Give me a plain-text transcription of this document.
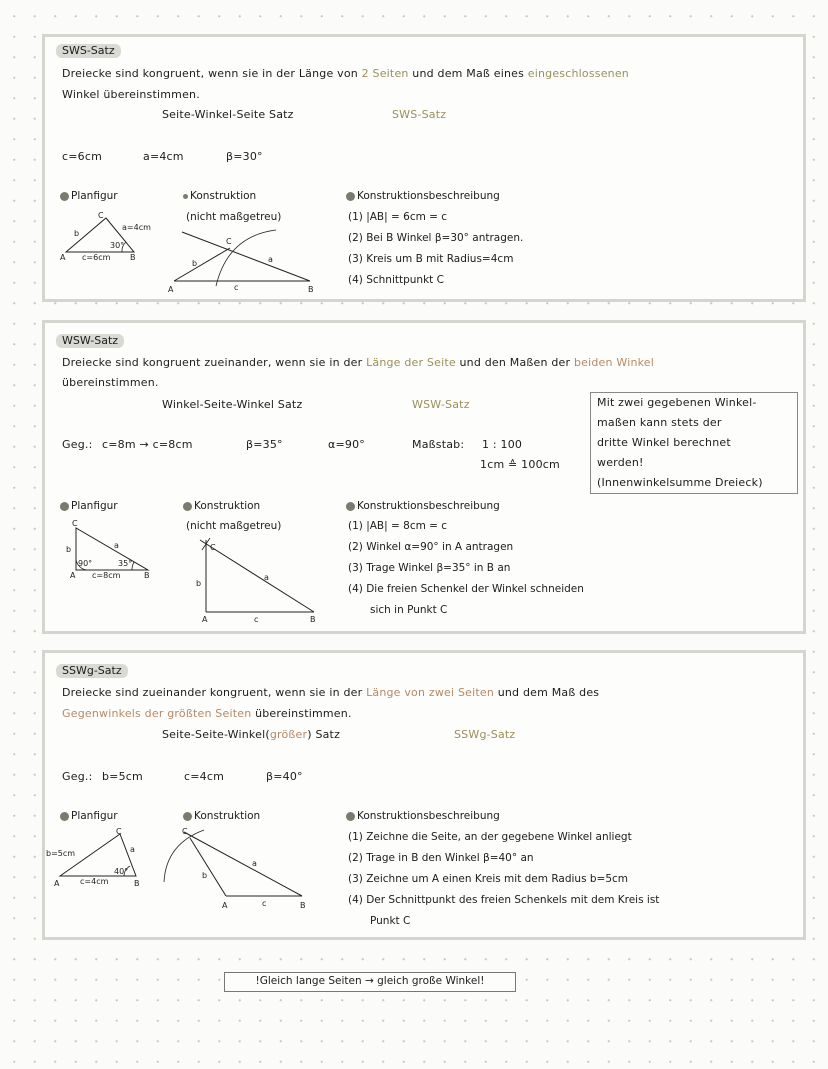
SWS-Satz
Dreiecke sind kongruent, wenn sie in der Länge von 2 Seiten und dem Maß eines eingeschlossenen
Winkel übereinstimmen.
Seite-Winkel-Seite Satz	SWS-Satz
c=6cm	a=4cm	β=30°
Planfigur	Konstruktion
(nicht maßgetreu)
Konstruktionsbeschreibung
(1) |AB| = 6cm = c
(2) Bei B Winkel β=30° antragen.
(3) Kreis um B mit Radius=4cm
(4) Schnittpunkt C
C
b
a=4cm
30°
A c=6cm B
C
b	a
A	c	B
WSW-Satz
Dreiecke sind kongruent zueinander, wenn sie in der Länge der Seite und den Maßen der beiden Winkel
übereinstimmen.
Winkel-Seite-Winkel Satz	WSW-Satz	Mit zwei gegebenen Winkel-
maßen kann stets der
dritte Winkel berechnet
werden!
(Innenwinkelsumme Dreieck)
Geg.: c=8m → c=8cm	β=35°	α=90°	Maßstab: 1 : 100
1cm ≙ 100cm
Planfigur	Konstruktion
(nicht maßgetreu)
Konstruktionsbeschreibung
(1) |AB| = 8cm = c
(2) Winkel α=90° in A antragen
(3) Trage Winkel β=35° in B an
(4) Die freien Schenkel der Winkel schneiden
sich in Punkt C
C
b	a
90°	35°
A c=8cm	B
C
b
a
A	c	B
SSWg-Satz
Dreiecke sind zueinander kongruent, wenn sie in der Länge von zwei Seiten und dem Maß des
Gegenwinkels der größten Seiten übereinstimmen.
Seite-Seite-Winkel(größer) Satz	SSWg-Satz
Geg.: b=5cm	c=4cm	β=40°
Planfigur	Konstruktion	Konstruktionsbeschreibung
(1) Zeichne die Seite, an der gegebene Winkel anliegt
(2) Trage in B den Winkel β=40° an
(3) Zeichne um A einen Kreis mit dem Radius b=5cm
(4) Der Schnittpunkt des freien Schenkels mit dem Kreis ist
Punkt C
C
b=5cm	a
40°
A	c=4cm	B
C
b
a
A	c	B
!Gleich lange Seiten → gleich große Winkel!
